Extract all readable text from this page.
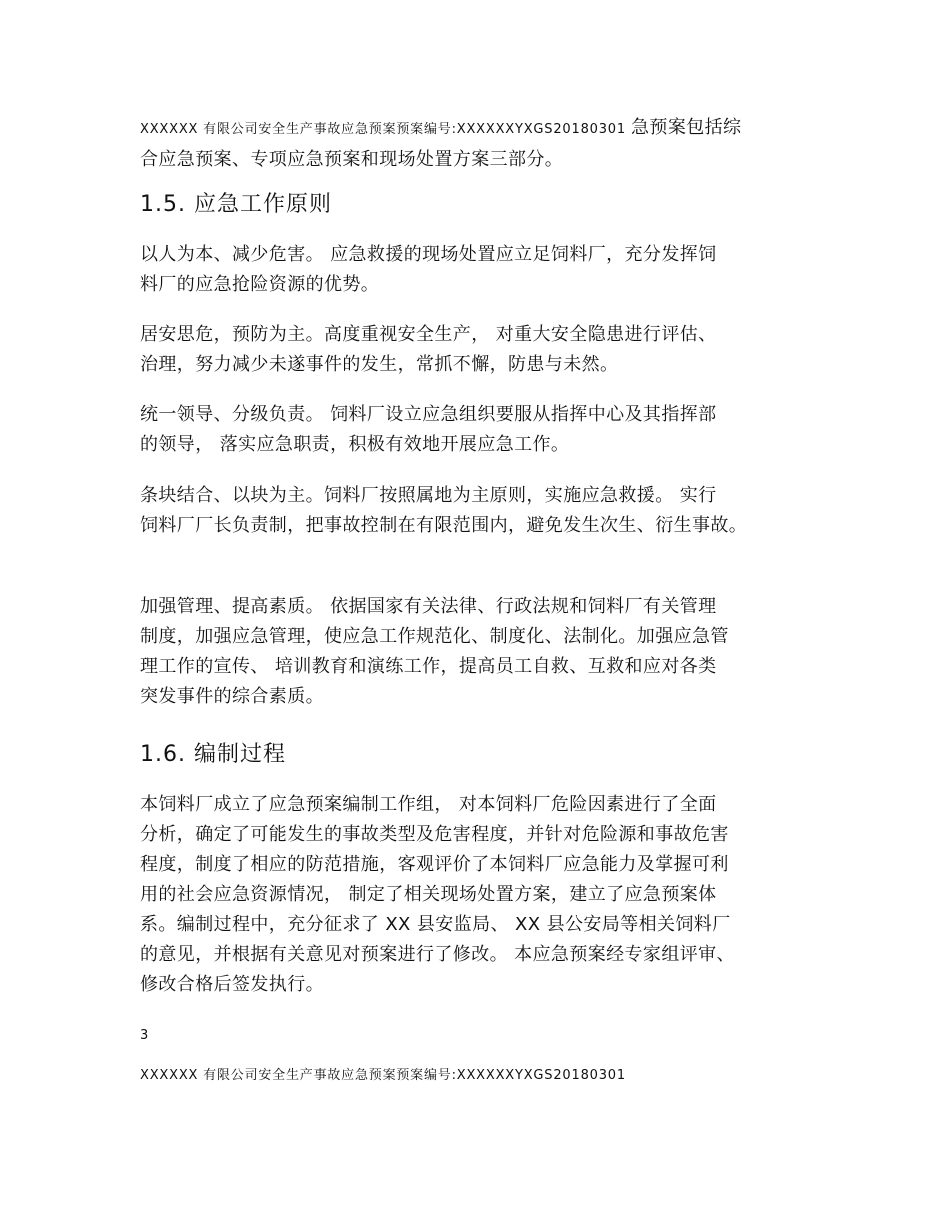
XXXXXX 有限公司安全生产事故应急预案预案编号:XXXXXXYXGS20180301 急预案包括综
合应急预案、专项应急预案和现场处置方案三部分。
1.5. 应急工作原则
以人为本、减少危害。 应急救援的现场处置应立足饲料厂，充分发挥饲
料厂的应急抢险资源的优势。
居安思危，预防为主。高度重视安全生产， 对重大安全隐患进行评估、
治理，努力减少未遂事件的发生，常抓不懈，防患与未然。
统一领导、分级负责。 饲料厂设立应急组织要服从指挥中心及其指挥部
的领导， 落实应急职责，积极有效地开展应急工作。
条块结合、以块为主。饲料厂按照属地为主原则，实施应急救援。 实行
饲料厂厂长负责制，把事故控制在有限范围内，避免发生次生、衍生事故。
加强管理、提高素质。 依据国家有关法律、行政法规和饲料厂有关管理
制度，加强应急管理，使应急工作规范化、制度化、法制化。加强应急管
理工作的宣传、 培训教育和演练工作，提高员工自救、互救和应对各类
突发事件的综合素质。
1.6. 编制过程
本饲料厂成立了应急预案编制工作组， 对本饲料厂危险因素进行了全面
分析，确定了可能发生的事故类型及危害程度，并针对危险源和事故危害
程度，制度了相应的防范措施，客观评价了本饲料厂应急能力及掌握可利
用的社会应急资源情况， 制定了相关现场处置方案，建立了应急预案体
系。编制过程中，充分征求了 XX 县安监局、 XX 县公安局等相关饲料厂
的意见，并根据有关意见对预案进行了修改。 本应急预案经专家组评审、
修改合格后签发执行。
3
XXXXXX 有限公司安全生产事故应急预案预案编号:XXXXXXYXGS20180301
